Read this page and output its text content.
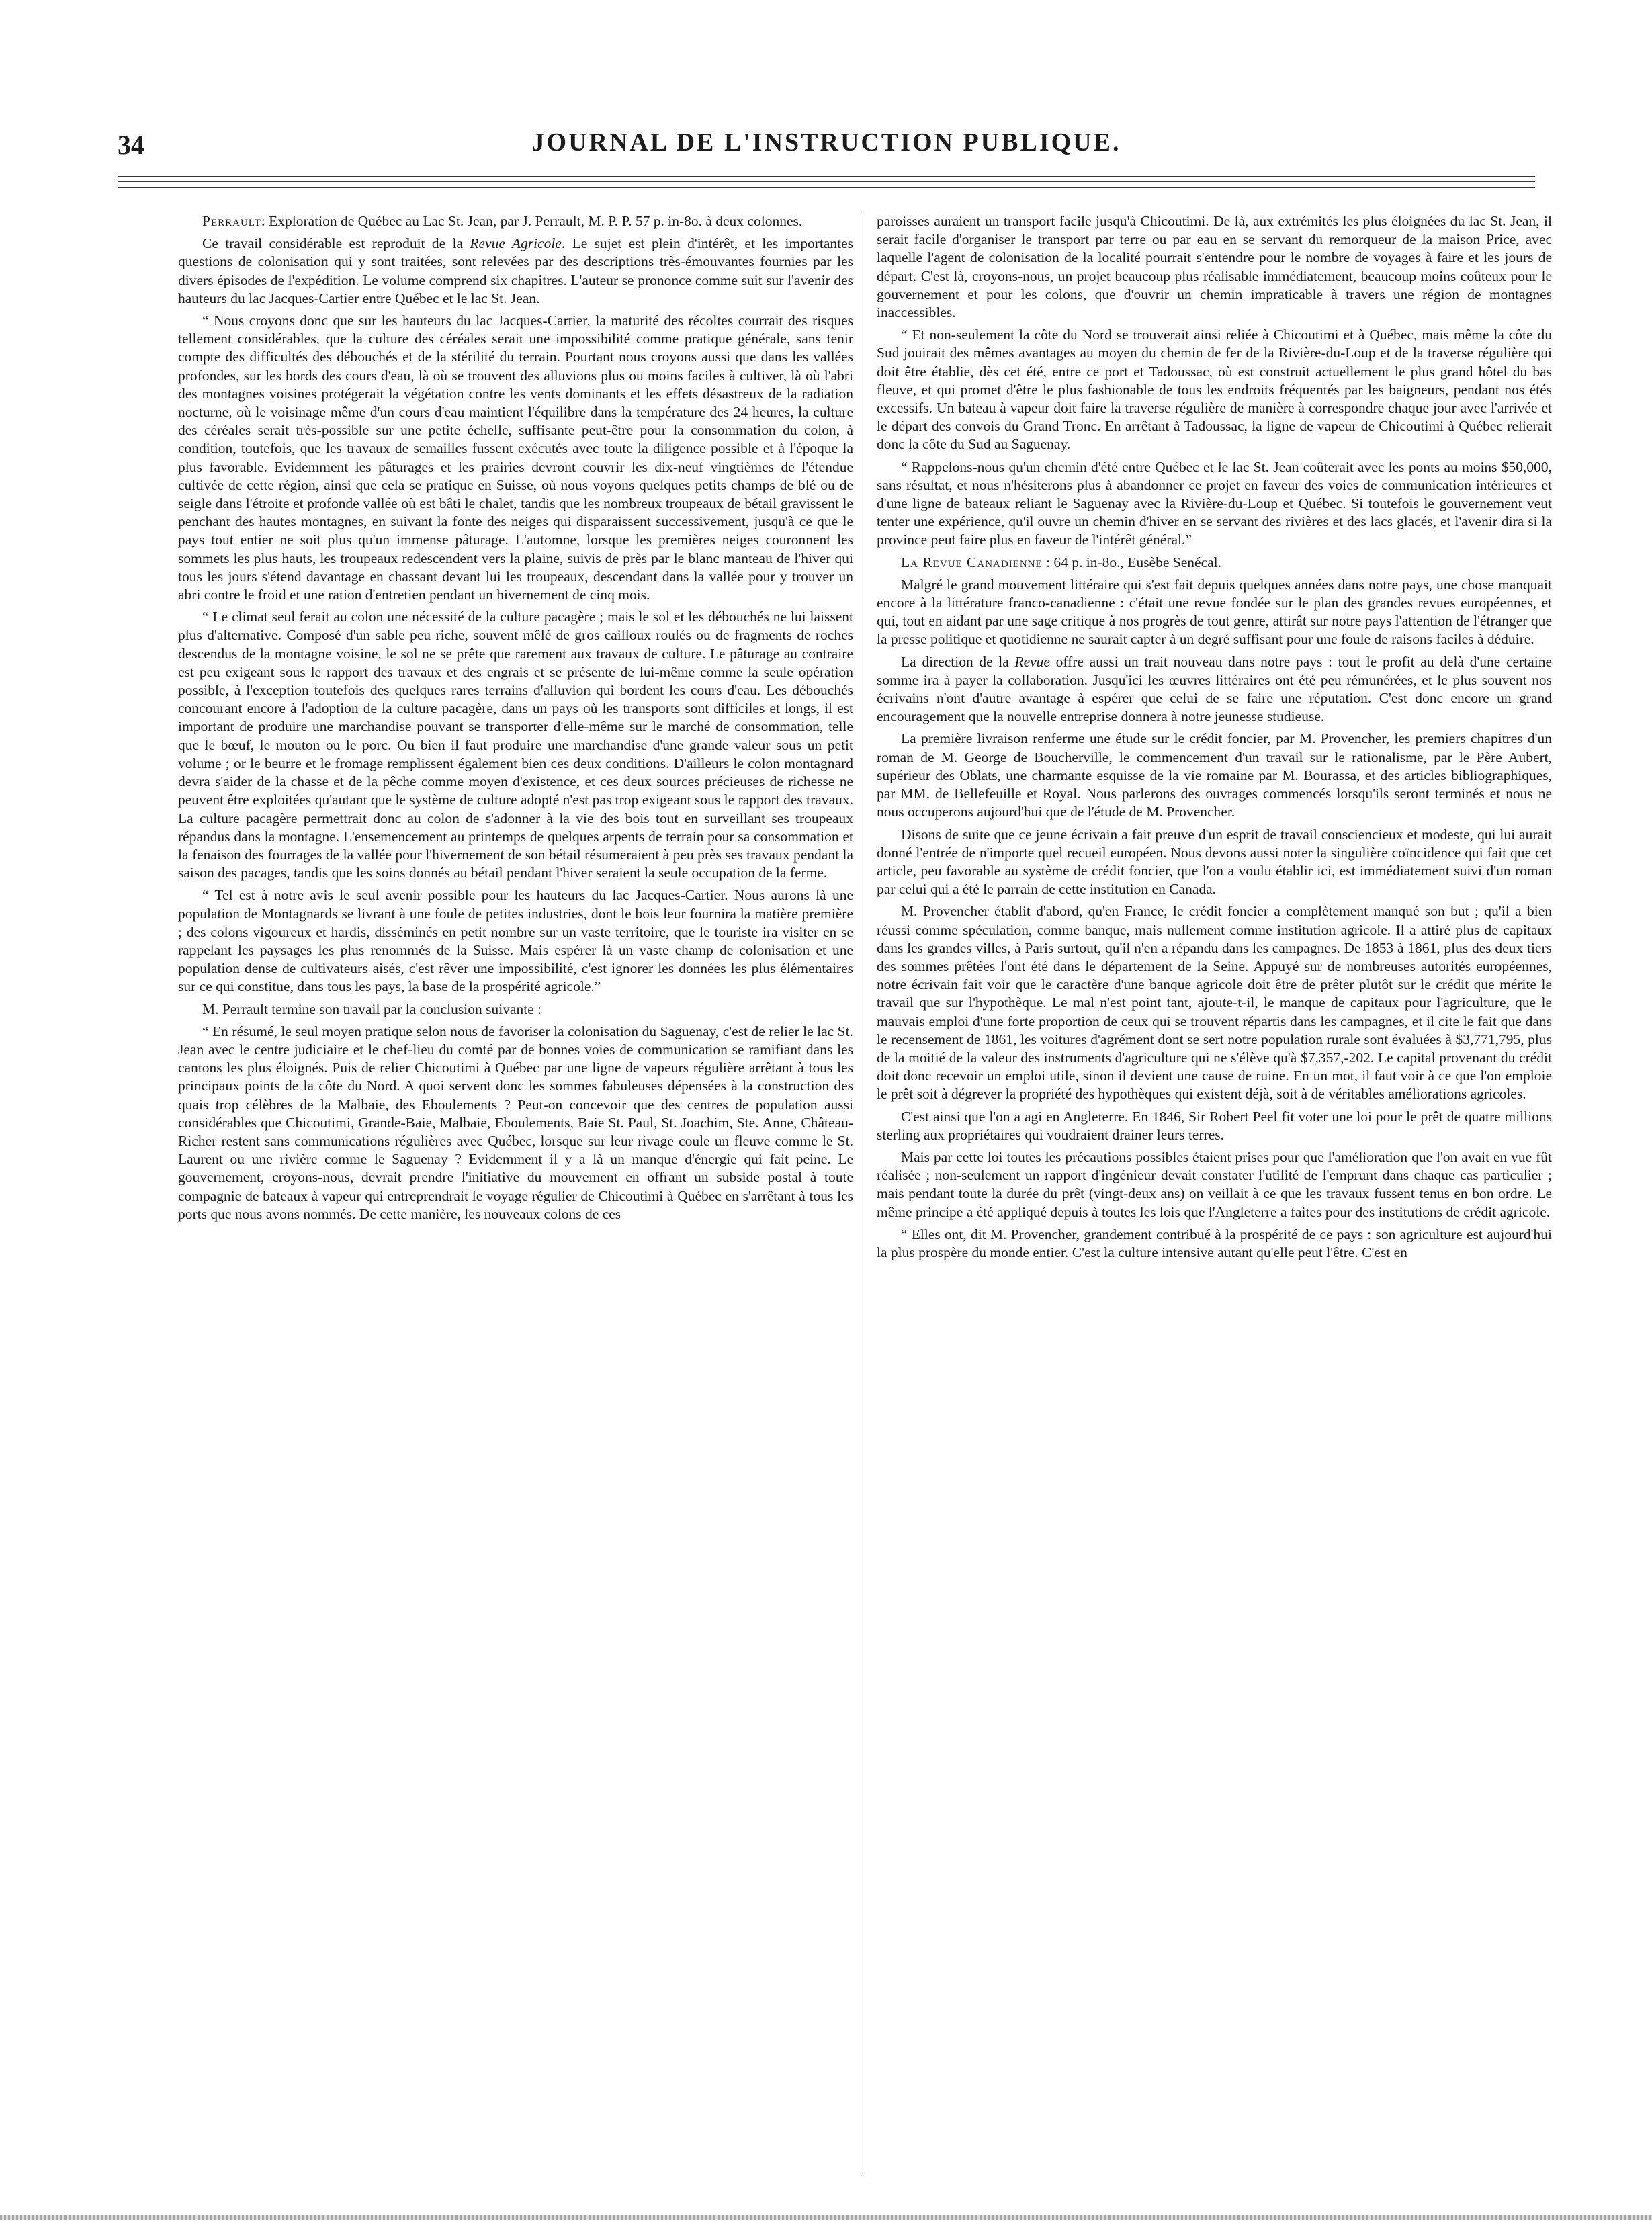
34	JOURNAL DE L'INSTRUCTION PUBLIQUE.

Perrault: Exploration de Québec au Lac St. Jean, par J. Perrault, M. P. P. 57 p. in-8o. à deux colonnes.

Ce travail considérable est reproduit de la Revue Agricole. Le sujet est plein d'intérêt, et les importantes questions de colonisation qui y sont traitées, sont relevées par des descriptions très-émouvantes fournies par les divers épisodes de l'expédition. Le volume comprend six chapitres. L'auteur se prononce comme suit sur l'avenir des hauteurs du lac Jacques-Cartier entre Québec et le lac St. Jean.

“ Nous croyons donc que sur les hauteurs du lac Jacques-Cartier, la maturité des récoltes courrait des risques tellement considérables, que la culture des céréales serait une impossibilité comme pratique générale, sans tenir compte des difficultés des débouchés et de la stérilité du terrain. Pourtant nous croyons aussi que dans les vallées profondes, sur les bords des cours d'eau, là où se trouvent des alluvions plus ou moins faciles à cultiver, là où l'abri des montagnes voisines protégerait la végétation contre les vents dominants et les effets désastreux de la radiation nocturne, où le voisinage même d'un cours d'eau maintient l'équilibre dans la température des 24 heures, la culture des céréales serait très-possible sur une petite échelle, suffisante peut-être pour la consommation du colon, à condition, toutefois, que les travaux de semailles fussent exécutés avec toute la diligence possible et à l'époque la plus favorable. Evidemment les pâturages et les prairies devront couvrir les dix-neuf vingtièmes de l'étendue cultivée de cette région, ainsi que cela se pratique en Suisse, où nous voyons quelques petits champs de blé ou de seigle dans l'étroite et profonde vallée où est bâti le chalet, tandis que les nombreux troupeaux de bétail gravissent le penchant des hautes montagnes, en suivant la fonte des neiges qui disparaissent successivement, jusqu'à ce que le pays tout entier ne soit plus qu'un immense pâturage. L'automne, lorsque les premières neiges couronnent les sommets les plus hauts, les troupeaux redescendent vers la plaine, suivis de près par le blanc manteau de l'hiver qui tous les jours s'étend davantage en chassant devant lui les troupeaux, descendant dans la vallée pour y trouver un abri contre le froid et une ration d'entretien pendant un hivernement de cinq mois.

“ Le climat seul ferait au colon une nécessité de la culture pacagère ; mais le sol et les débouchés ne lui laissent plus d'alternative. Composé d'un sable peu riche, souvent mêlé de gros cailloux roulés ou de fragments de roches descendus de la montagne voisine, le sol ne se prête que rarement aux travaux de culture. Le pâturage au contraire est peu exigeant sous le rapport des travaux et des engrais et se présente de lui-même comme la seule opération possible, à l'exception toutefois des quelques rares terrains d'alluvion qui bordent les cours d'eau. Les débouchés concourant encore à l'adoption de la culture pacagère, dans un pays où les transports sont difficiles et longs, il est important de produire une marchandise pouvant se transporter d'elle-même sur le marché de consommation, telle que le bœuf, le mouton ou le porc. Ou bien il faut produire une marchandise d'une grande valeur sous un petit volume ; or le beurre et le fromage remplissent également bien ces deux conditions. D'ailleurs le colon montagnard devra s'aider de la chasse et de la pêche comme moyen d'existence, et ces deux sources précieuses de richesse ne peuvent être exploitées qu'autant que le système de culture adopté n'est pas trop exigeant sous le rapport des travaux. La culture pacagère permettrait donc au colon de s'adonner à la vie des bois tout en surveillant ses troupeaux répandus dans la montagne. L'ensemencement au printemps de quelques arpents de terrain pour sa consommation et la fenaison des fourrages de la vallée pour l'hivernement de son bétail résumeraient à peu près ses travaux pendant la saison des pacages, tandis que les soins donnés au bétail pendant l'hiver seraient la seule occupation de la ferme.

“ Tel est à notre avis le seul avenir possible pour les hauteurs du lac Jacques-Cartier. Nous aurons là une population de Montagnards se livrant à une foule de petites industries, dont le bois leur fournira la matière première ; des colons vigoureux et hardis, disséminés en petit nombre sur un vaste territoire, que le touriste ira visiter en se rappelant les paysages les plus renommés de la Suisse. Mais espérer là un vaste champ de colonisation et une population dense de cultivateurs aisés, c'est rêver une impossibilité, c'est ignorer les données les plus élémentaires sur ce qui constitue, dans tous les pays, la base de la prospérité agricole.”

M. Perrault termine son travail par la conclusion suivante :

“ En résumé, le seul moyen pratique selon nous de favoriser la colonisation du Saguenay, c'est de relier le lac St. Jean avec le centre judiciaire et le chef-lieu du comté par de bonnes voies de communication se ramifiant dans les cantons les plus éloignés. Puis de relier Chicoutimi à Québec par une ligne de vapeurs régulière arrêtant à tous les principaux points de la côte du Nord. A quoi servent donc les sommes fabuleuses dépensées à la construction des quais trop célèbres de la Malbaie, des Eboulements ? Peut-on concevoir que des centres de population aussi considérables que Chicoutimi, Grande-Baie, Malbaie, Eboulements, Baie St. Paul, St. Joachim, Ste. Anne, Château-Richer restent sans communications régulières avec Québec, lorsque sur leur rivage coule un fleuve comme le St. Laurent ou une rivière comme le Saguenay ? Evidemment il y a là un manque d'énergie qui fait peine. Le gouvernement, croyons-nous, devrait prendre l'initiative du mouvement en offrant un subside postal à toute compagnie de bateaux à vapeur qui entreprendrait le voyage régulier de Chicoutimi à Québec en s'arrêtant à tous les ports que nous avons nommés. De cette manière, les nouveaux colons de ces

paroisses auraient un transport facile jusqu'à Chicoutimi. De là, aux extrémités les plus éloignées du lac St. Jean, il serait facile d'organiser le transport par terre ou par eau en se servant du remorqueur de la maison Price, avec laquelle l'agent de colonisation de la localité pourrait s'entendre pour le nombre de voyages à faire et les jours de départ. C'est là, croyons-nous, un projet beaucoup plus réalisable immédiatement, beaucoup moins coûteux pour le gouvernement et pour les colons, que d'ouvrir un chemin impraticable à travers une région de montagnes inaccessibles.

“ Et non-seulement la côte du Nord se trouverait ainsi reliée à Chicoutimi et à Québec, mais même la côte du Sud jouirait des mêmes avantages au moyen du chemin de fer de la Rivière-du-Loup et de la traverse régulière qui doit être établie, dès cet été, entre ce port et Tadoussac, où est construit actuellement le plus grand hôtel du bas fleuve, et qui promet d'être le plus fashionable de tous les endroits fréquentés par les baigneurs, pendant nos étés excessifs. Un bateau à vapeur doit faire la traverse régulière de manière à correspondre chaque jour avec l'arrivée et le départ des convois du Grand Tronc. En arrêtant à Tadoussac, la ligne de vapeur de Chicoutimi à Québec relierait donc la côte du Sud au Saguenay.

“ Rappelons-nous qu'un chemin d'été entre Québec et le lac St. Jean coûterait avec les ponts au moins $50,000, sans résultat, et nous n'hésiterons plus à abandonner ce projet en faveur des voies de communication intérieures et d'une ligne de bateaux reliant le Saguenay avec la Rivière-du-Loup et Québec. Si toutefois le gouvernement veut tenter une expérience, qu'il ouvre un chemin d'hiver en se servant des rivières et des lacs glacés, et l'avenir dira si la province peut faire plus en faveur de l'intérêt général.”

La Revue Canadienne : 64 p. in-8o., Eusèbe Senécal.

Malgré le grand mouvement littéraire qui s'est fait depuis quelques années dans notre pays, une chose manquait encore à la littérature franco-canadienne : c'était une revue fondée sur le plan des grandes revues européennes, et qui, tout en aidant par une sage critique à nos progrès de tout genre, attirât sur notre pays l'attention de l'étranger que la presse politique et quotidienne ne saurait capter à un degré suffisant pour une foule de raisons faciles à déduire.

La direction de la Revue offre aussi un trait nouveau dans notre pays : tout le profit au delà d'une certaine somme ira à payer la collaboration. Jusqu'ici les œuvres littéraires ont été peu rémunérées, et le plus souvent nos écrivains n'ont d'autre avantage à espérer que celui de se faire une réputation. C'est donc encore un grand encouragement que la nouvelle entreprise donnera à notre jeunesse studieuse.

La première livraison renferme une étude sur le crédit foncier, par M. Provencher, les premiers chapitres d'un roman de M. George de Boucherville, le commencement d'un travail sur le rationalisme, par le Père Aubert, supérieur des Oblats, une charmante esquisse de la vie romaine par M. Bourassa, et des articles bibliographiques, par MM. de Bellefeuille et Royal. Nous parlerons des ouvrages commencés lorsqu'ils seront terminés et nous ne nous occuperons aujourd'hui que de l'étude de M. Provencher.

Disons de suite que ce jeune écrivain a fait preuve d'un esprit de travail consciencieux et modeste, qui lui aurait donné l'entrée de n'importe quel recueil européen. Nous devons aussi noter la singulière coïncidence qui fait que cet article, peu favorable au système de crédit foncier, que l'on a voulu établir ici, est immédiatement suivi d'un roman par celui qui a été le parrain de cette institution en Canada.

M. Provencher établit d'abord, qu'en France, le crédit foncier a complètement manqué son but ; qu'il a bien réussi comme spéculation, comme banque, mais nullement comme institution agricole. Il a attiré plus de capitaux dans les grandes villes, à Paris surtout, qu'il n'en a répandu dans les campagnes. De 1853 à 1861, plus des deux tiers des sommes prêtées l'ont été dans le département de la Seine. Appuyé sur de nombreuses autorités européennes, notre écrivain fait voir que le caractère d'une banque agricole doit être de prêter plutôt sur le crédit que mérite le travail que sur l'hypothèque. Le mal n'est point tant, ajoute-t-il, le manque de capitaux pour l'agriculture, que le mauvais emploi d'une forte proportion de ceux qui se trouvent répartis dans les campagnes, et il cite le fait que dans le recensement de 1861, les voitures d'agrément dont se sert notre population rurale sont évaluées à $3,771,795, plus de la moitié de la valeur des instruments d'agriculture qui ne s'élève qu'à $7,357,-202. Le capital provenant du crédit doit donc recevoir un emploi utile, sinon il devient une cause de ruine. En un mot, il faut voir à ce que l'on emploie le prêt soit à dégrever la propriété des hypothèques qui existent déjà, soit à de véritables améliorations agricoles.

C'est ainsi que l'on a agi en Angleterre. En 1846, Sir Robert Peel fit voter une loi pour le prêt de quatre millions sterling aux propriétaires qui voudraient drainer leurs terres.

Mais par cette loi toutes les précautions possibles étaient prises pour que l'amélioration que l'on avait en vue fût réalisée ; non-seulement un rapport d'ingénieur devait constater l'utilité de l'emprunt dans chaque cas particulier ; mais pendant toute la durée du prêt (vingt-deux ans) on veillait à ce que les travaux fussent tenus en bon ordre. Le même principe a été appliqué depuis à toutes les lois que l'Angleterre a faites pour des institutions de crédit agricole.

“ Elles ont, dit M. Provencher, grandement contribué à la prospérité de ce pays : son agriculture est aujourd'hui la plus prospère du monde entier. C'est la culture intensive autant qu'elle peut l'être. C'est en
